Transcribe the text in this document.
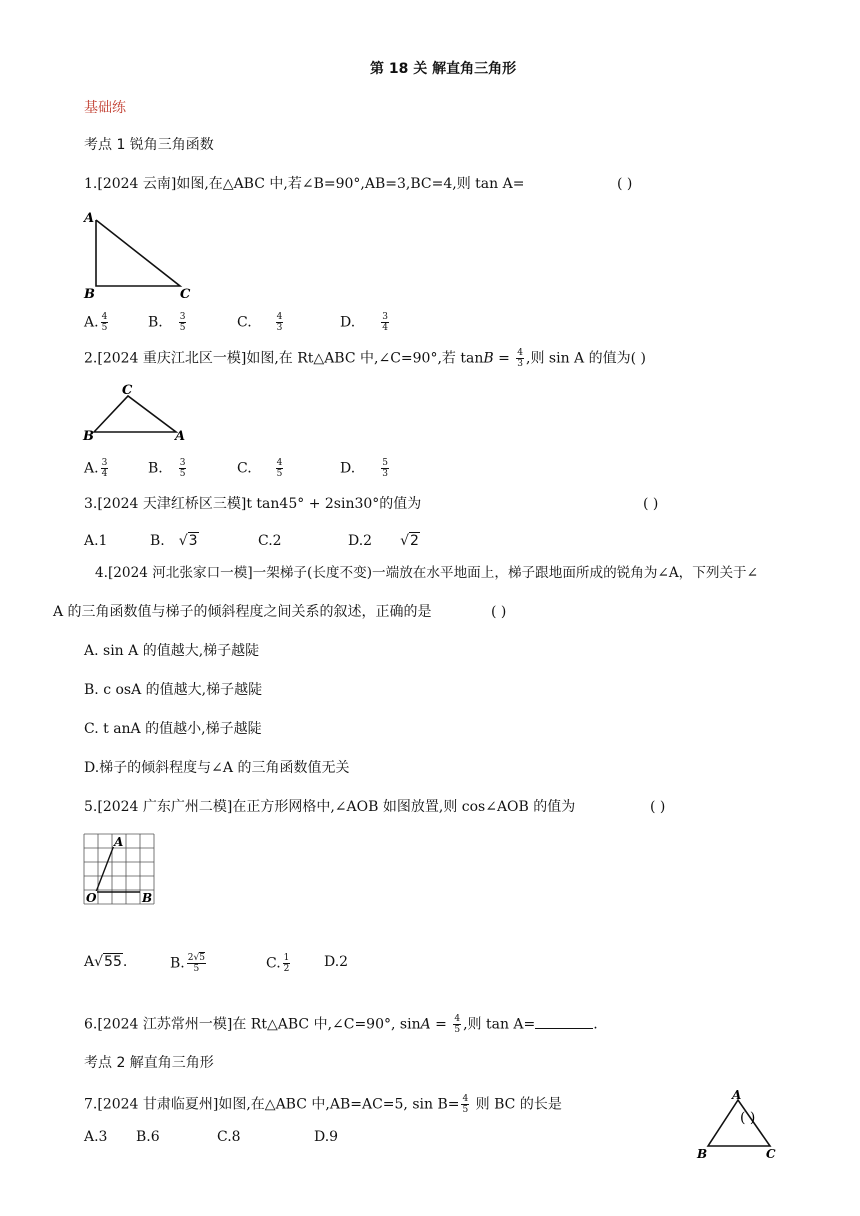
第 18 关 解直角三角形
基础练
考点 1 锐角三角函数
1.[2024 云南]如图,在△ABC 中,若∠B=90°,AB=3,BC=4,则 tan A=	( )
A
B	C
A. $\frac{4}{5}$	B. $\frac{3}{5}$	C.	$\frac{4}{3}$	D.	$\frac{3}{4}$
2.[2024 重庆江北区一模]如图,在 Rt△ABC 中,∠C=90°,若 $\tan B = \frac{4}{3}$ ,则 sin A 的值为( )
C
B	A
A. $\frac{3}{4}$	B. $\frac{3}{5}$	C.	$\frac{4}{5}$	D.	$\frac{5}{3}$
3.[2024 天津红桥区三模]t tan45° + 2sin30°的值为	( )
A.1	B. √3	C.2	D.2 √2
4.[2024 河北张家口一模]一架梯子(长度不变)一端放在水平地面上，梯子跟地面所成的锐角为∠A，下列关于∠
A 的三角函数值与梯子的倾斜程度之间关系的叙述，正确的是	( )
A. sin A 的值越大,梯子越陡
B. c osA 的值越大,梯子越陡
C. t anA 的值越小,梯子越陡
D.梯子的倾斜程度与∠A 的三角函数值无关
5.[2024 广东广州二模]在正方形网格中,∠AOB 如图放置,则 cos∠AOB 的值为	( )
A
O	B
A√55.	B. $\frac{2√5}{5}$	C. $\frac{1}{2} D.2$
6.[2024 江苏常州一模]在 Rt△ABC 中,∠C=90°, $\sin A = \frac{4}{5}$ ,则 tan A=	.
考点 2 解直角三角形
7.[2024 甘肃临夏州]如图,在△ABC 中,AB=AC=5, $\sin B= \frac{4}{5}$ 则 BC 的长是
A.3 B.6	C.8	D.9
A
B	C
( )
